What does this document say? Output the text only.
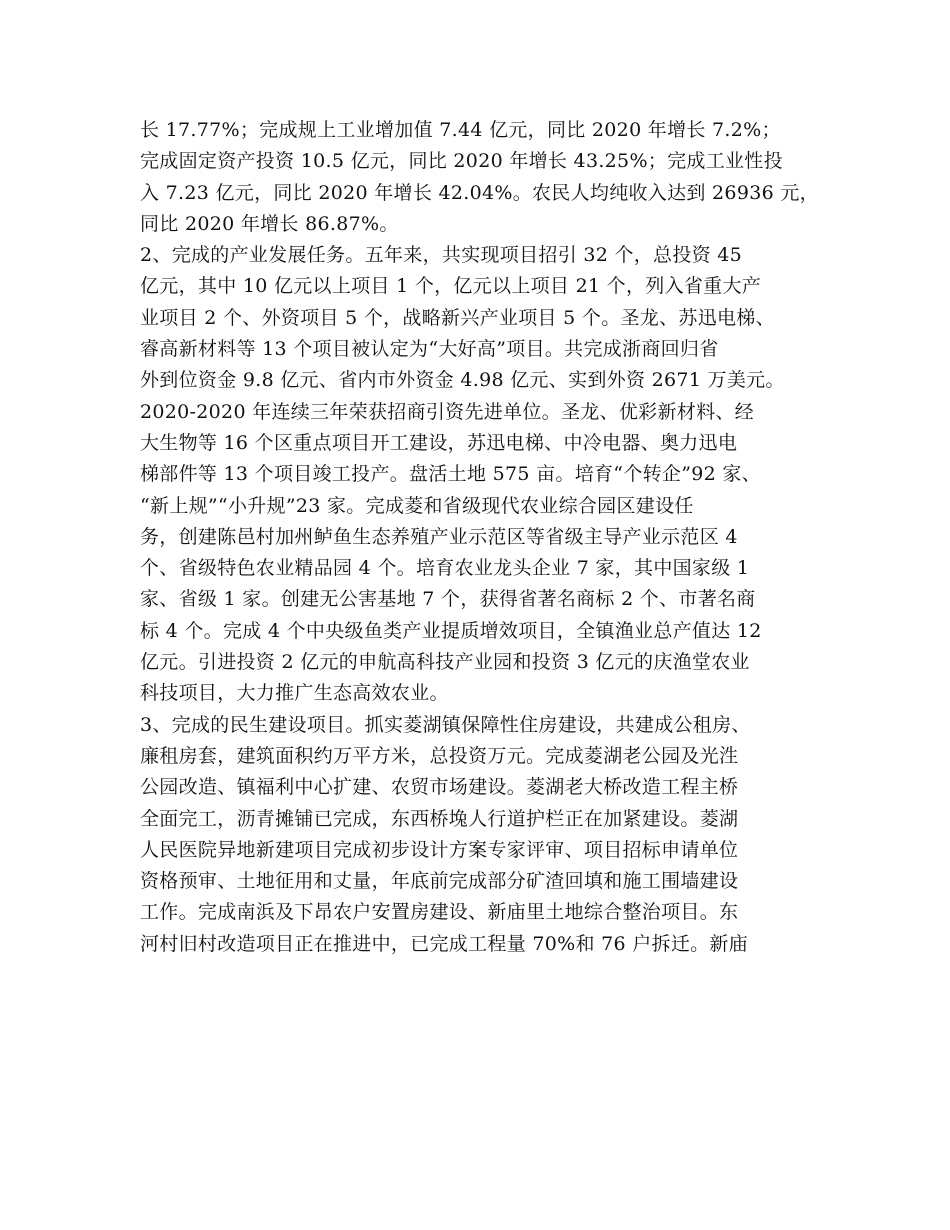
长 17.77%；完成规上工业增加值 7.44 亿元，同比 2020 年增长 7.2%；
完成固定资产投资 10.5 亿元，同比 2020 年增长 43.25%；完成工业性投
入 7.23 亿元，同比 2020 年增长 42.04%。农民人均纯收入达到 26936 元，
同比 2020 年增长 86.87%。
2、完成的产业发展任务。五年来，共实现项目招引 32 个，总投资 45
亿元，其中 10 亿元以上项目 1 个，亿元以上项目 21 个，列入省重大产
业项目 2 个、外资项目 5 个，战略新兴产业项目 5 个。圣龙、苏迅电梯、
睿高新材料等 13 个项目被认定为“大好高”项目。共完成浙商回归省
外到位资金 9.8 亿元、省内市外资金 4.98 亿元、实到外资 2671 万美元。
2020-2020 年连续三年荣获招商引资先进单位。圣龙、优彩新材料、经
大生物等 16 个区重点项目开工建设，苏迅电梯、中冷电器、奥力迅电
梯部件等 13 个项目竣工投产。盘活土地 575 亩。培育“个转企”92 家、
“新上规”“小升规”23 家。完成菱和省级现代农业综合园区建设任
务，创建陈邑村加州鲈鱼生态养殖产业示范区等省级主导产业示范区 4
个、省级特色农业精品园 4 个。培育农业龙头企业 7 家，其中国家级 1
家、省级 1 家。创建无公害基地 7 个，获得省著名商标 2 个、市著名商
标 4 个。完成 4 个中央级鱼类产业提质增效项目，全镇渔业总产值达 12
亿元。引进投资 2 亿元的申航高科技产业园和投资 3 亿元的庆渔堂农业
科技项目，大力推广生态高效农业。
3、完成的民生建设项目。抓实菱湖镇保障性住房建设，共建成公租房、
廉租房套，建筑面积约万平方米，总投资万元。完成菱湖老公园及光泩
公园改造、镇福利中心扩建、农贸市场建设。菱湖老大桥改造工程主桥
全面完工，沥青摊铺已完成，东西桥堍人行道护栏正在加紧建设。菱湖
人民医院异地新建项目完成初步设计方案专家评审、项目招标申请单位
资格预审、土地征用和丈量，年底前完成部分矿渣回填和施工围墙建设
工作。完成南浜及下昂农户安置房建设、新庙里土地综合整治项目。东
河村旧村改造项目正在推进中，已完成工程量 70%和 76 户拆迁。新庙
